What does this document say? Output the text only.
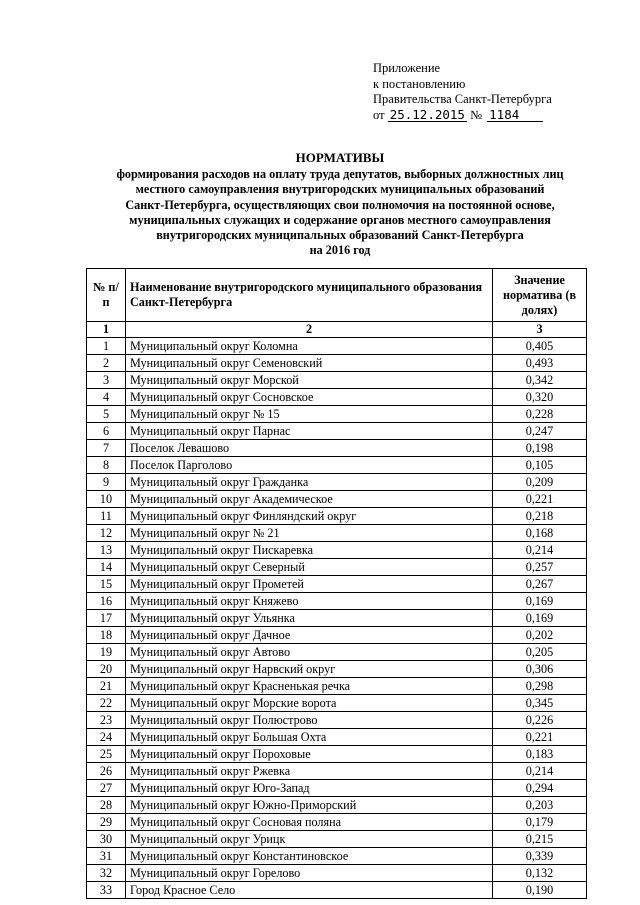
Приложение
к постановлению
Правительства Санкт-Петербурга
от 25.12.2015 № 1184
НОРМАТИВЫ
формирования расходов на оплату труда депутатов, выборных должностных лиц
местного самоуправления внутригородских муниципальных образований
Санкт-Петербурга, осуществляющих свои полномочия на постоянной основе,
муниципальных служащих и содержание органов местного самоуправления
внутригородских муниципальных образований Санкт-Петербурга
на 2016 год
№ п/п	Наименование внутригородского муниципального образования Санкт-Петербурга	Значение норматива (в долях)
1	2	3
1	Муниципальный округ Коломна	0,405
2	Муниципальный округ Семеновский	0,493
3	Муниципальный округ Морской	0,342
4	Муниципальный округ Сосновское	0,320
5	Муниципальный округ № 15	0,228
6	Муниципальный округ Парнас	0,247
7	Поселок Левашово	0,198
8	Поселок Парголово	0,105
9	Муниципальный округ Гражданка	0,209
10	Муниципальный округ Академическое	0,221
11	Муниципальный округ Финляндский округ	0,218
12	Муниципальный округ № 21	0,168
13	Муниципальный округ Пискаревка	0,214
14	Муниципальный округ Северный	0,257
15	Муниципальный округ Прометей	0,267
16	Муниципальный округ Княжево	0,169
17	Муниципальный округ Ульянка	0,169
18	Муниципальный округ Дачное	0,202
19	Муниципальный округ Автово	0,205
20	Муниципальный округ Нарвский округ	0,306
21	Муниципальный округ Красненькая речка	0,298
22	Муниципальный округ Морские ворота	0,345
23	Муниципальный округ Полюстрово	0,226
24	Муниципальный округ Большая Охта	0,221
25	Муниципальный округ Пороховые	0,183
26	Муниципальный округ Ржевка	0,214
27	Муниципальный округ Юго-Запад	0,294
28	Муниципальный округ Южно-Приморский	0,203
29	Муниципальный округ Сосновая поляна	0,179
30	Муниципальный округ Урицк	0,215
31	Муниципальный округ Константиновское	0,339
32	Муниципальный округ Горелово	0,132
33	Город Красное Село	0,190
